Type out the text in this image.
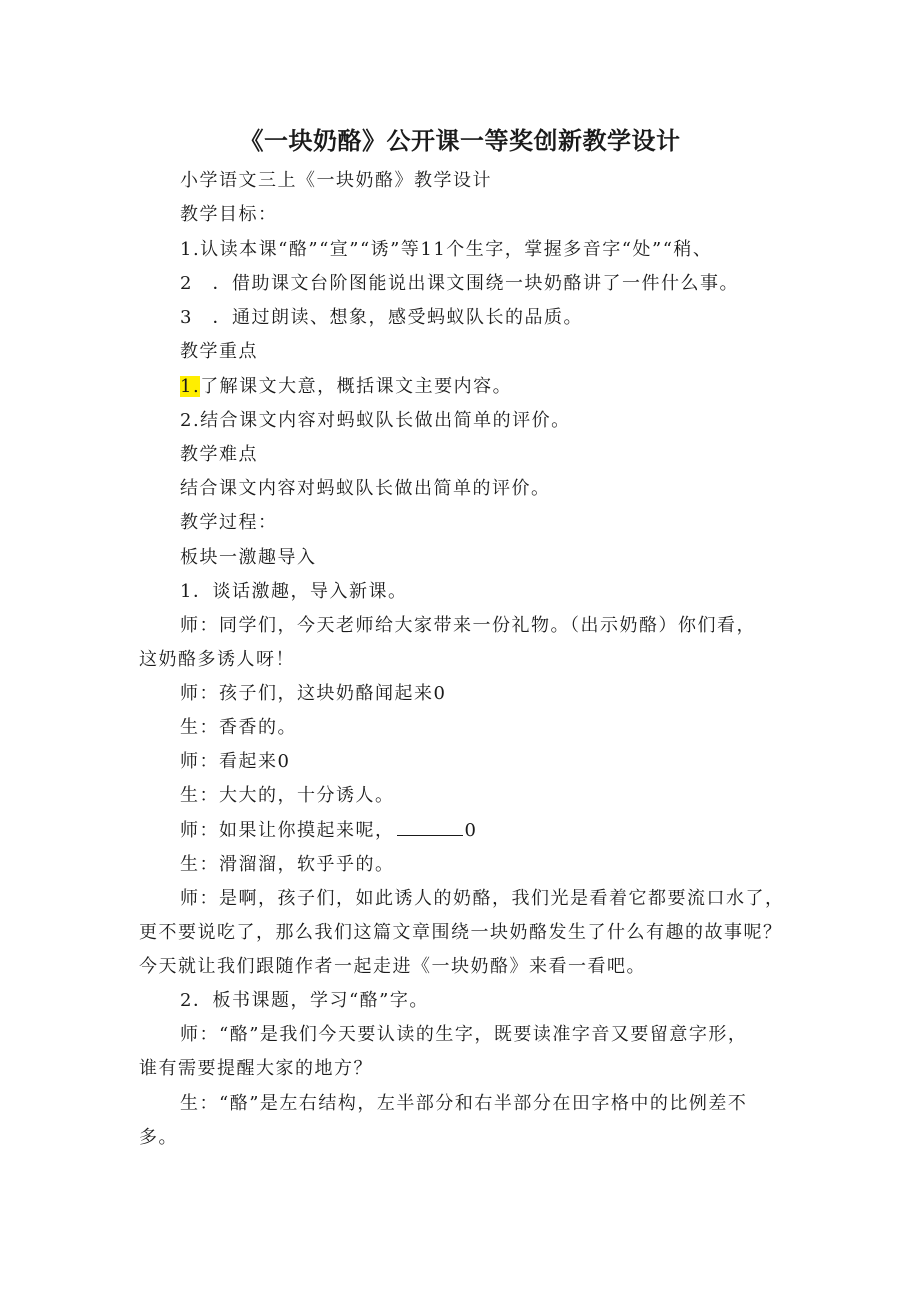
《一块奶酪》公开课一等奖创新教学设计
小学语文三上《一块奶酪》教学设计
教学目标：
1.认读本课“酪”“宣”“诱”等11个生字，掌握多音字“处”“稍、
2　．借助课文台阶图能说出课文围绕一块奶酪讲了一件什么事。
3　．通过朗读、想象，感受蚂蚁队长的品质。
教学重点
1.了解课文大意，概括课文主要内容。
2.结合课文内容对蚂蚁队长做出简单的评价。
教学难点
结合课文内容对蚂蚁队长做出简单的评价。
教学过程：
板块一激趣导入
1．谈话激趣，导入新课。
师：同学们，今天老师给大家带来一份礼物。（出示奶酪）你们看，
这奶酪多诱人呀！
师：孩子们，这块奶酪闻起来0
生：香香的。
师：看起来0
生：大大的，十分诱人。
师：如果让你摸起来呢，	0
生：滑溜溜，软乎乎的。
师：是啊，孩子们，如此诱人的奶酪，我们光是看着它都要流口水了，
更不要说吃了，那么我们这篇文章围绕一块奶酪发生了什么有趣的故事呢？
今天就让我们跟随作者一起走进《一块奶酪》来看一看吧。
2．板书课题，学习“酪”字。
师：“酪”是我们今天要认读的生字，既要读准字音又要留意字形，
谁有需要提醒大家的地方？
生：“酪”是左右结构，左半部分和右半部分在田字格中的比例差不
多。
